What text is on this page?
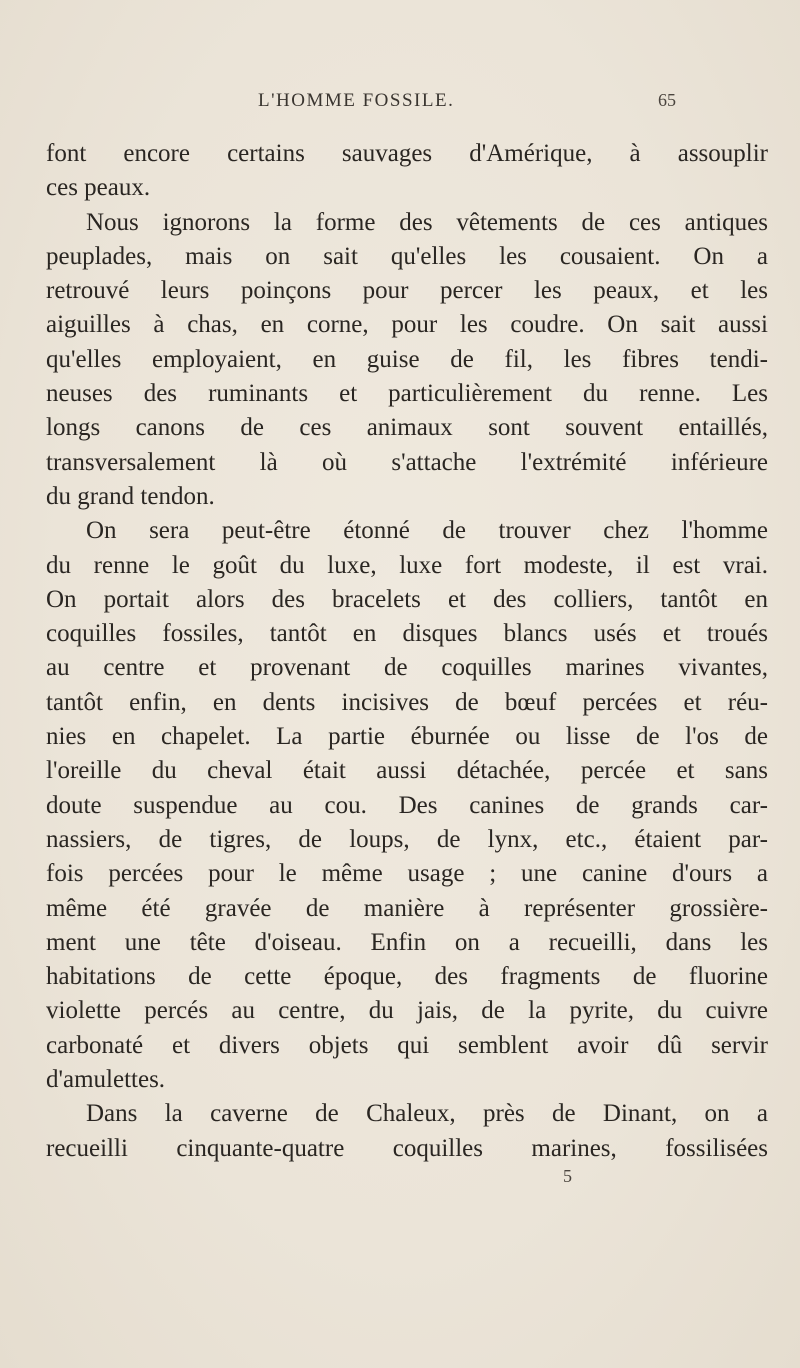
L'HOMME FOSSILE.	65
font encore certains sauvages d'Amérique, à assouplir
ces peaux.
Nous ignorons la forme des vêtements de ces antiques
peuplades, mais on sait qu'elles les cousaient. On a
retrouvé leurs poinçons pour percer les peaux, et les
aiguilles à chas, en corne, pour les coudre. On sait aussi
qu'elles employaient, en guise de fil, les fibres tendi-
neuses des ruminants et particulièrement du renne. Les
longs canons de ces animaux sont souvent entaillés,
transversalement là où s'attache l'extrémité inférieure
du grand tendon.
On sera peut-être étonné de trouver chez l'homme
du renne le goût du luxe, luxe fort modeste, il est vrai.
On portait alors des bracelets et des colliers, tantôt en
coquilles fossiles, tantôt en disques blancs usés et troués
au centre et provenant de coquilles marines vivantes,
tantôt enfin, en dents incisives de bœuf percées et réu-
nies en chapelet. La partie éburnée ou lisse de l'os de
l'oreille du cheval était aussi détachée, percée et sans
doute suspendue au cou. Des canines de grands car-
nassiers, de tigres, de loups, de lynx, etc., étaient par-
fois percées pour le même usage ; une canine d'ours a
même été gravée de manière à représenter grossière-
ment une tête d'oiseau. Enfin on a recueilli, dans les
habitations de cette époque, des fragments de fluorine
violette percés au centre, du jais, de la pyrite, du cuivre
carbonaté et divers objets qui semblent avoir dû servir
d'amulettes.
Dans la caverne de Chaleux, près de Dinant, on a
recueilli cinquante-quatre coquilles marines, fossilisées
5
